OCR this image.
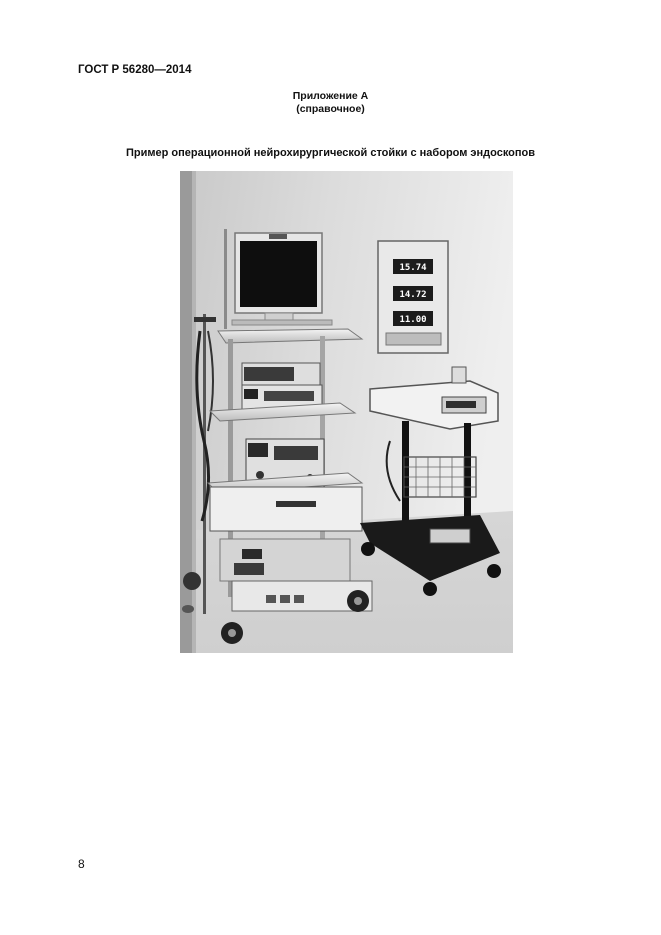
ГОСТ Р 56280—2014
Приложение А
(справочное)
Пример операционной нейрохирургической стойки с набором эндоскопов
15.74
14.72
11.00
8
